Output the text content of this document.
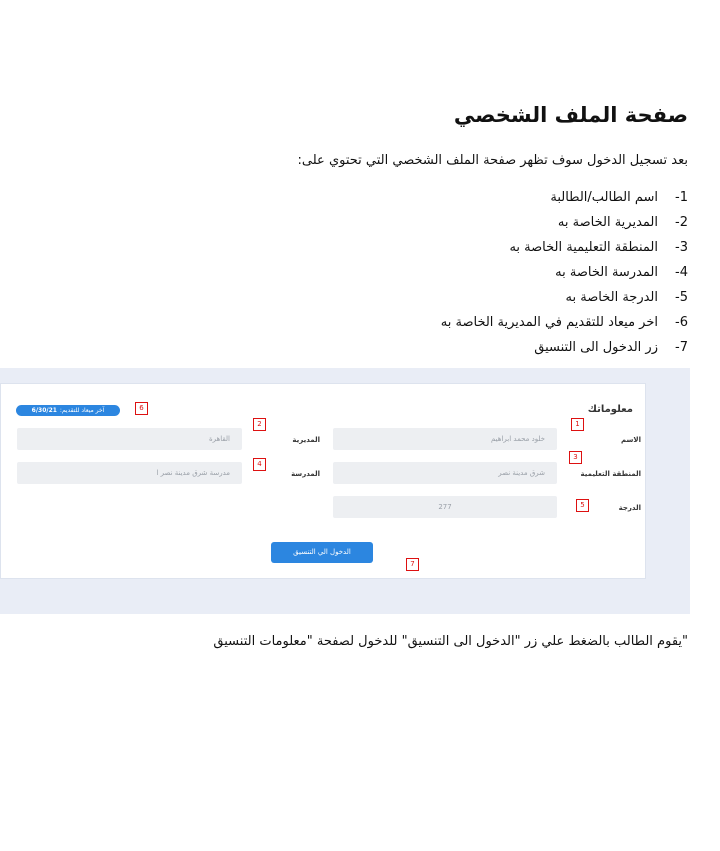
صفحة الملف الشخصي
بعد تسجيل الدخول سوف تظهر صفحة الملف الشخصي التي تحتوي على:
1 -
اسم الطالب/الطالبة
2 -
المديرية الخاصة به
3 -
المنطقة التعليمية الخاصة به
4 -
المدرسة الخاصة به
5 -
الدرجة الخاصة به
6 -
اخر ميعاد للتقديم في المديرية الخاصة به
7 -
زر الدخول الى التنسيق
معلوماتك
آخر ميعاد للتقديم:
6/30/21	6
الاسم
خلود محمد ابراهيم
1
المديرية
القاهرة
2
المنطقة التعليمية
شرق مدينة نصر
3
المدرسة
مدرسة شرق مدينة نصر ا
4
الدرجة
277	5
الدخول الي التنسيق
7
"يقوم الطالب بالضغط علي زر "الدخول الى التنسيق" للدخول لصفحة "معلومات التنسيق
